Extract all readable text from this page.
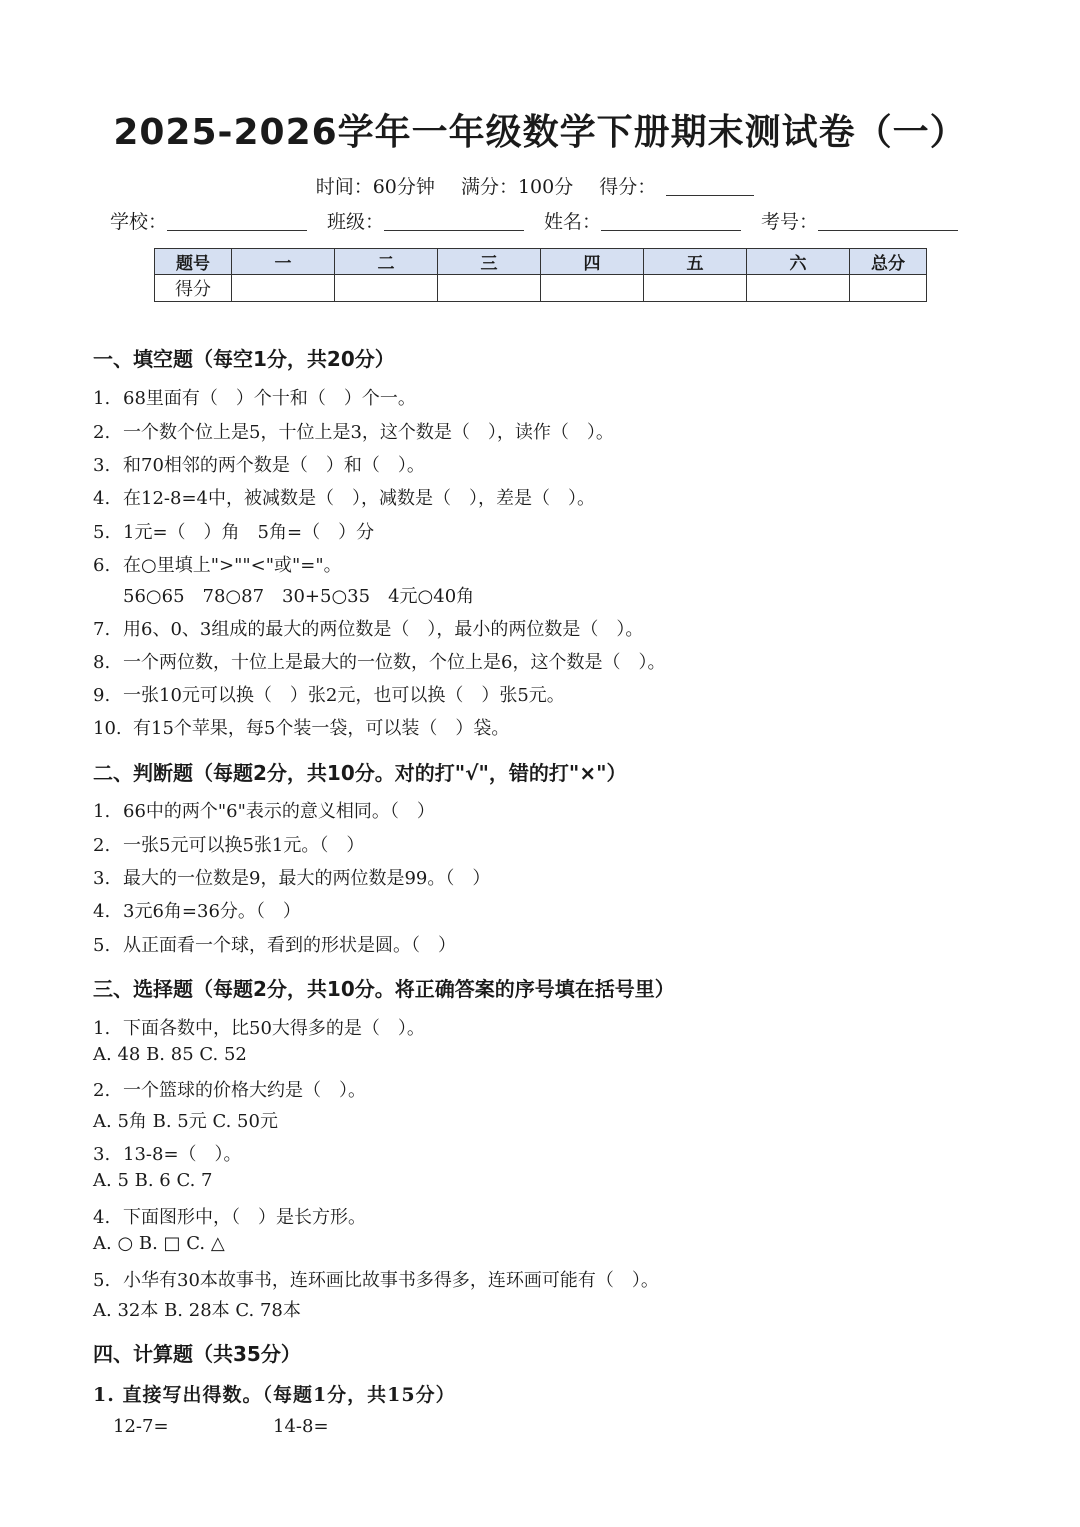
2025-2026学年一年级数学下册期末测试卷（一）
时间：60分钟 满分：100分 得分：
学校：	班级：	姓名：	考号：
题号	一	二	三	四	五	六	总分
得分							
一、填空题（每空1分，共20分）
1. 68里面有（　）个十和（　）个一。
2. 一个数个位上是5，十位上是3，这个数是（　），读作（　）。
3. 和70相邻的两个数是（　）和（　）。
4. 在12-8=4中，被减数是（　），减数是（　），差是（　）。
5. 1元=（　）角　5角=（　）分
6. 在○里填上">""<"或"="。
56○65　78○87　30+5○35　4元○40角
7. 用6、0、3组成的最大的两位数是（　），最小的两位数是（　）。
8. 一个两位数，十位上是最大的一位数，个位上是6，这个数是（　）。
9. 一张10元可以换（　）张2元，也可以换（　）张5元。
10. 有15个苹果，每5个装一袋，可以装（　）袋。
二、判断题（每题2分，共10分。对的打"√"，错的打"×"）
1. 66中的两个"6"表示的意义相同。（　）
2. 一张5元可以换5张1元。（　）
3. 最大的一位数是9，最大的两位数是99。（　）
4. 3元6角=36分。（　）
5. 从正面看一个球，看到的形状是圆。（　）
三、选择题（每题2分，共10分。将正确答案的序号填在括号里）
1. 下面各数中，比50大得多的是（　）。
A. 48 B. 85 C. 52
2. 一个篮球的价格大约是（　）。
A. 5角 B. 5元 C. 50元
3. 13-8=（　）。
A. 5 B. 6 C. 7
4. 下面图形中，（　）是长方形。
A. ○ B. □ C. △
5. 小华有30本故事书，连环画比故事书多得多，连环画可能有（　）。
A. 32本 B. 28本 C. 78本
四、计算题（共35分）
1. 直接写出得数。（每题1分，共15分）
12-7=	14-8=
